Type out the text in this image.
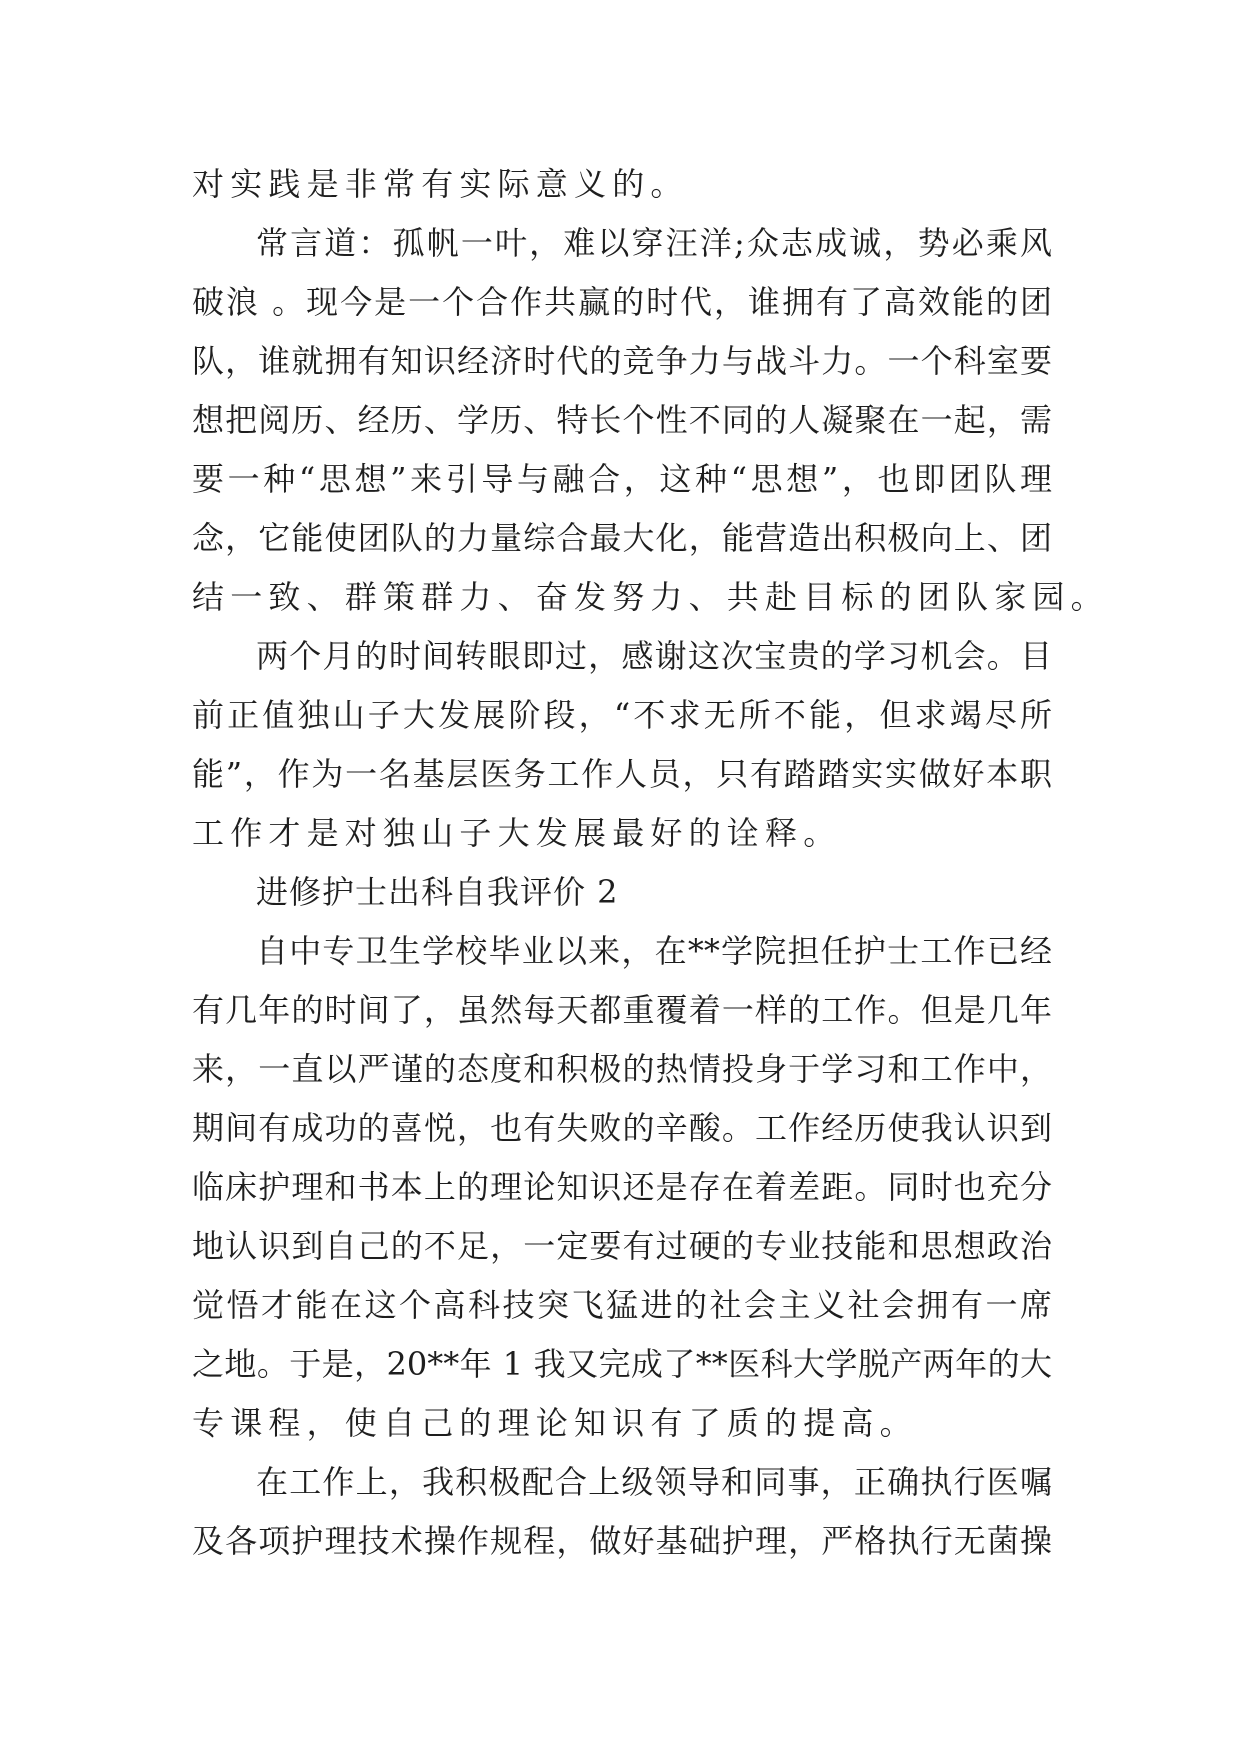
对实践是非常有实际意义的。
常言道：孤帆一叶，难以穿汪洋;众志成诚，势必乘风
破浪 。现今是一个合作共赢的时代，谁拥有了高效能的团
队，谁就拥有知识经济时代的竞争力与战斗力。一个科室要
想把阅历、经历、学历、特长个性不同的人凝聚在一起，需
要一种“思想”来引导与融合，这种“思想”，也即团队理
念，它能使团队的力量综合最大化，能营造出积极向上、团
结一致、群策群力、奋发努力、共赴目标的团队家园。
两个月的时间转眼即过，感谢这次宝贵的学习机会。目
前正值独山子大发展阶段，“不求无所不能，但求竭尽所
能”，作为一名基层医务工作人员，只有踏踏实实做好本职
工作才是对独山子大发展最好的诠释。
进修护士出科自我评价 2
自中专卫生学校毕业以来，在**学院担任护士工作已经
有几年的时间了，虽然每天都重覆着一样的工作。但是几年
来，一直以严谨的态度和积极的热情投身于学习和工作中，
期间有成功的喜悦，也有失败的辛酸。工作经历使我认识到
临床护理和书本上的理论知识还是存在着差距。同时也充分
地认识到自己的不足，一定要有过硬的专业技能和思想政治
觉悟才能在这个高科技突飞猛进的社会主义社会拥有一席
之地。于是，20**年 1 我又完成了**医科大学脱产两年的大
专课程，使自己的理论知识有了质的提高。
在工作上，我积极配合上级领导和同事，正确执行医嘱
及各项护理技术操作规程，做好基础护理，严格执行无菌操
